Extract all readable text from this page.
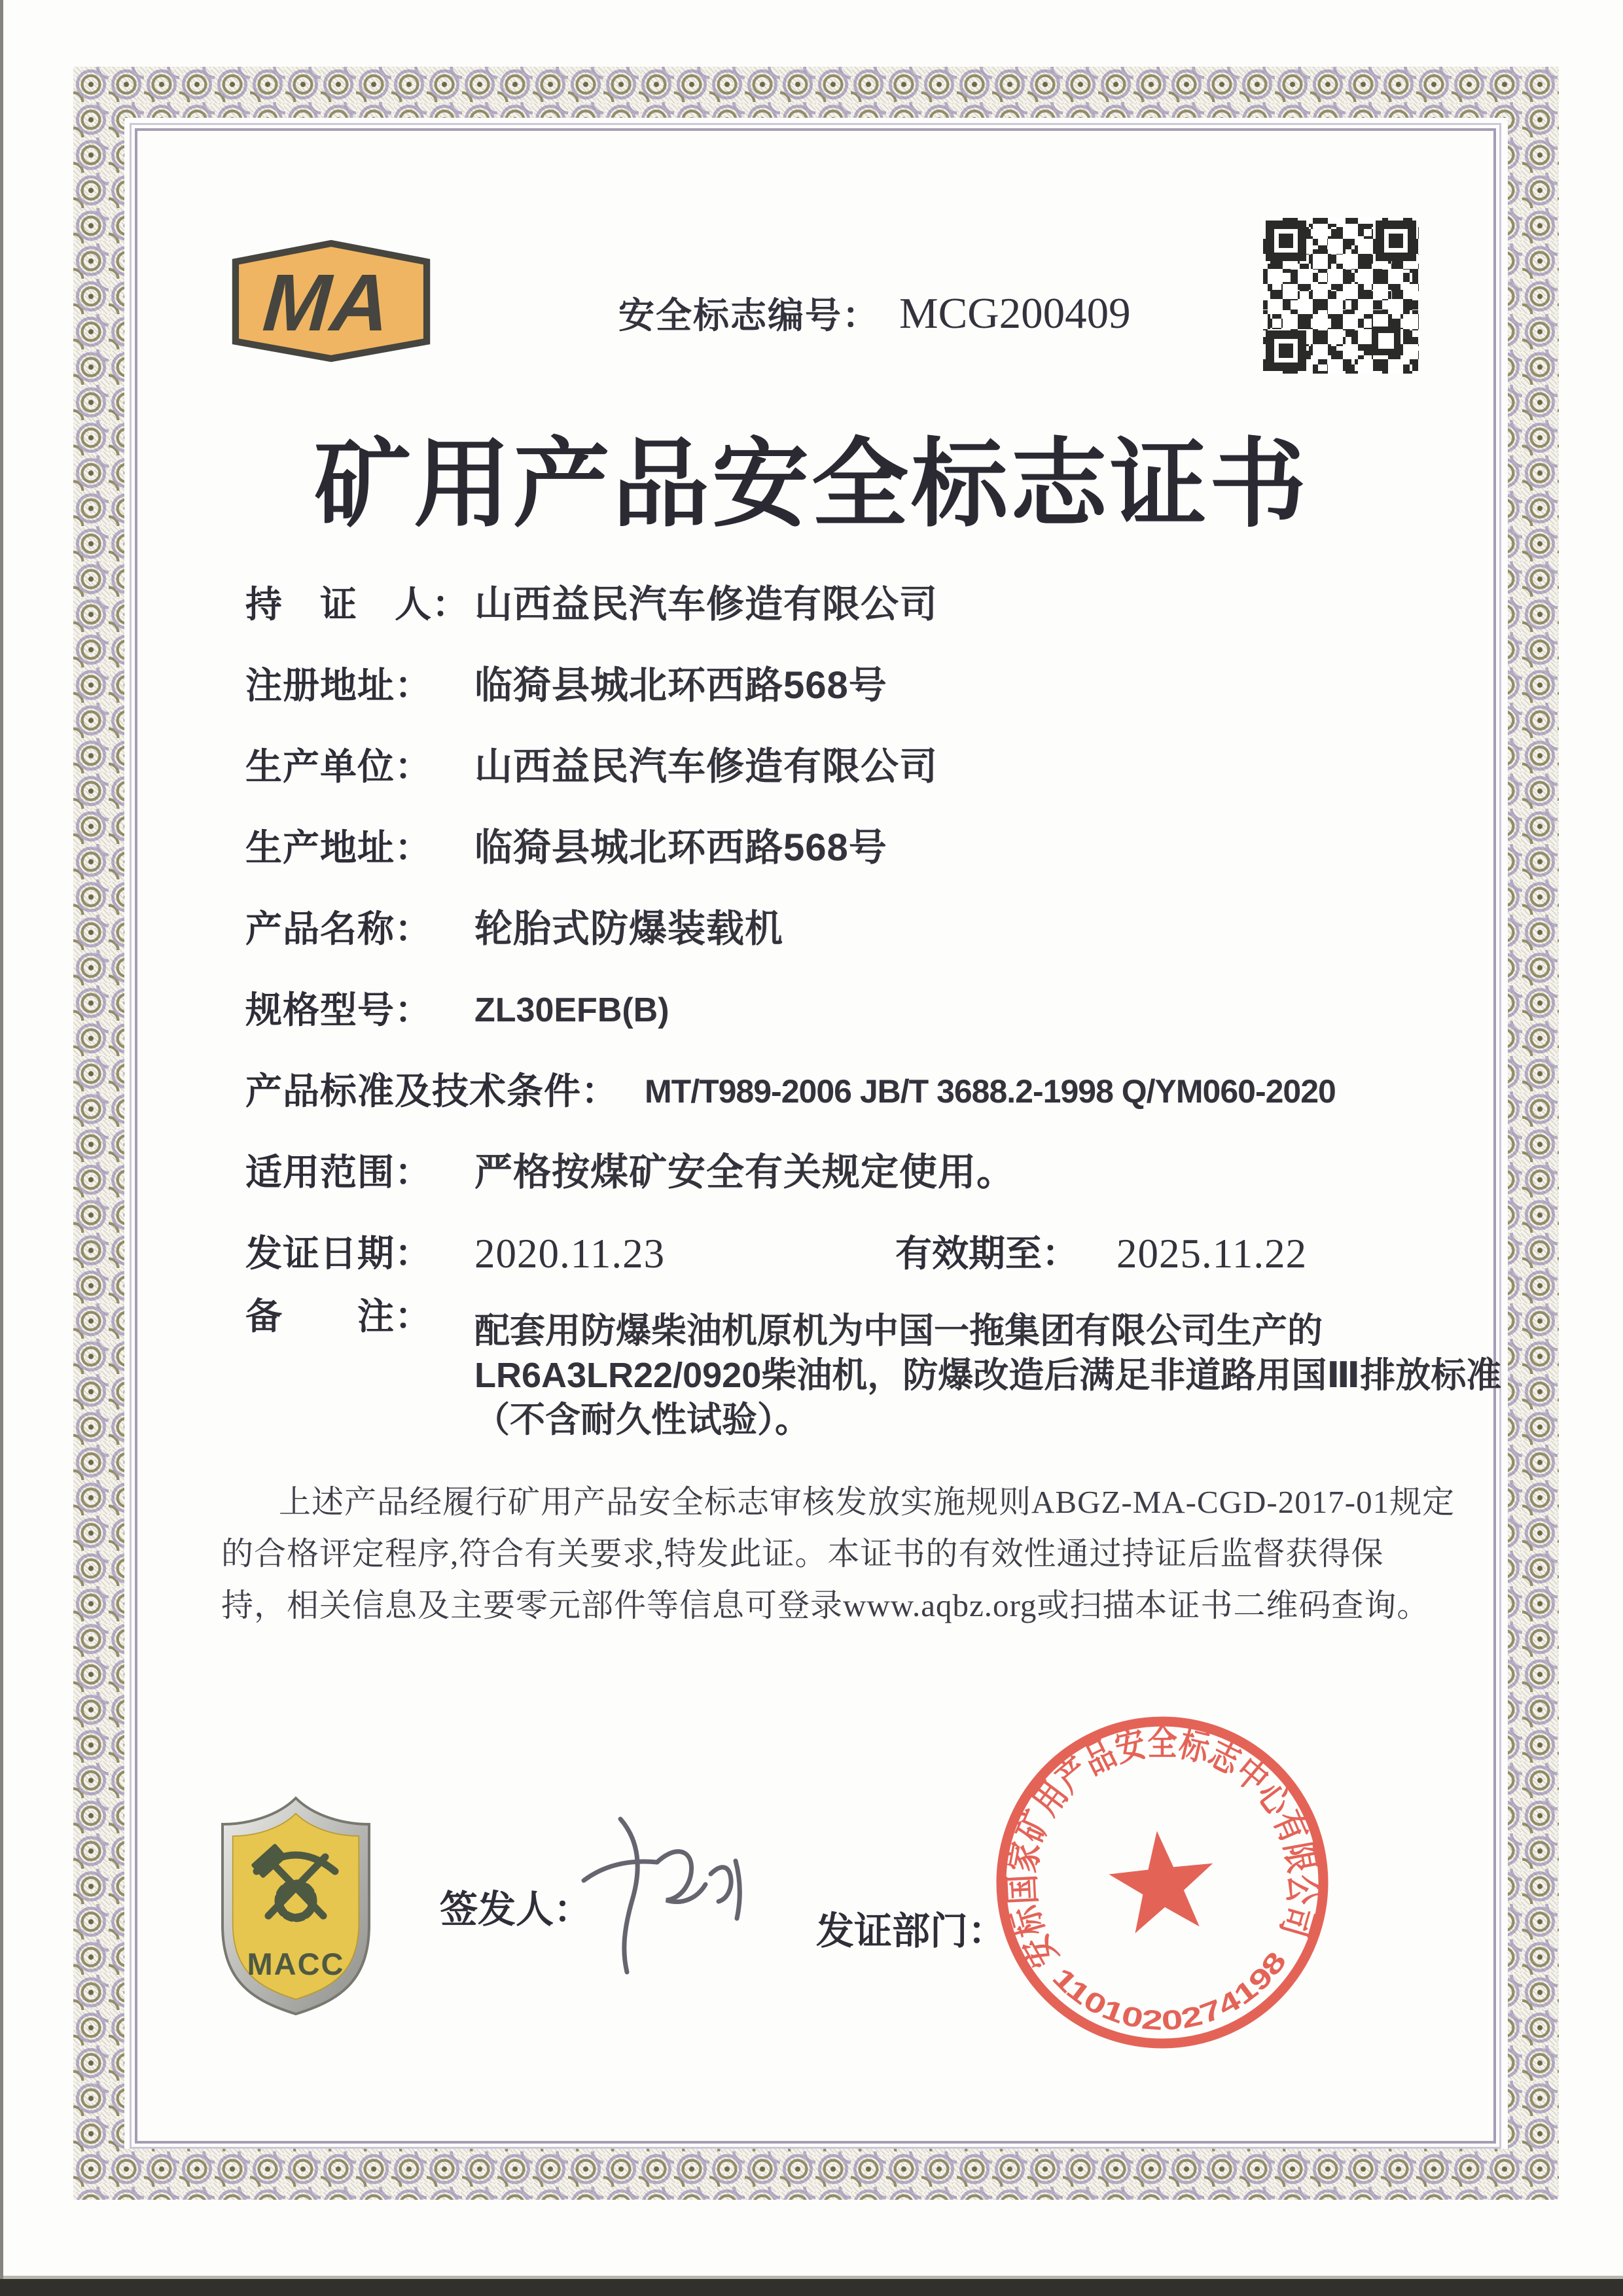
MA	安全标志编号： MCG200409
矿用产品安全标志证书
持　证　人： 山西益民汽车修造有限公司
注册地址： 临猗县城北环西路568号
生产单位： 山西益民汽车修造有限公司
生产地址： 临猗县城北环西路568号
产品名称： 轮胎式防爆装载机
规格型号： ZL30EFB(B)
产品标准及技术条件： MT/T989-2006 JB/T 3688.2-1998 Q/YM060-2020
适用范围： 严格按煤矿安全有关规定使用。
发证日期： 2020.11.23	有效期至： 2025.11.22
备　　注： 配套用防爆柴油机原机为中国一拖集团有限公司生产的
LR6A3LR22/0920柴油机，防爆改造后满足非道路用国Ⅲ排放标准
（不含耐久性试验）。
上述产品经履行矿用产品安全标志审核发放实施规则ABGZ-MA-CGD-2017-01规定
的合格评定程序,符合有关要求,特发此证。本证书的有效性通过持证后监督获得保
持，相关信息及主要零元部件等信息可登录www.aqbz.org或扫描本证书二维码查询。
MACC
签发人：
发证部门： 安标国家矿用产品安全标志中心有限公司
1101020274198
